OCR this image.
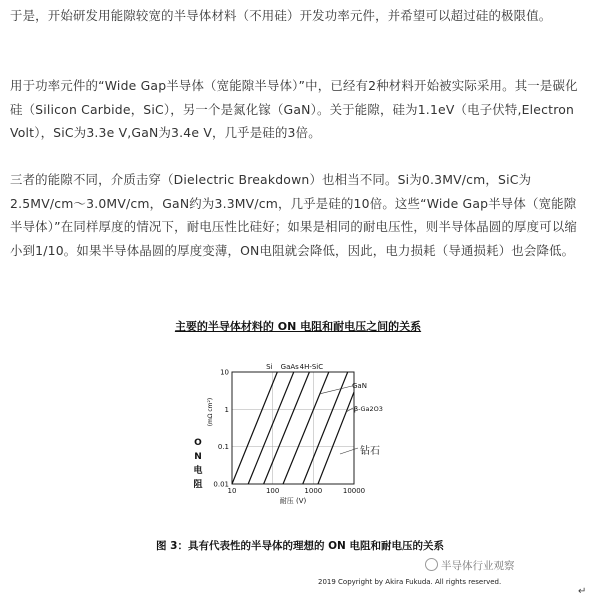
于是，开始研发用能隙较宽的半导体材料（不用硅）开发功率元件，并希望可以超过硅的极限值。

用于功率元件的“Wide Gap半导体（宽能隙半导体）”中，已经有2种材料开始被实际采用。其一是碳化硅（Silicon Carbide，SiC），另一个是氮化镓（GaN）。关于能隙，硅为1.1eV（电子伏特,Electron Volt），SiC为3.3e V,GaN为3.4e V，几乎是硅的3倍。

三者的能隙不同，介质击穿（Dielectric Breakdown）也相当不同。Si为0.3MV/cm，SiC为2.5MV/cm～3.0MV/cm，GaN约为3.3MV/cm，几乎是硅的10倍。这些“Wide Gap半导体（宽能隙半导体）”在同样厚度的情况下，耐电压性比硅好；如果是相同的耐电压性，则半导体晶圆的厚度可以缩小到1/10。如果半导体晶圆的厚度变薄，ON电阻就会降低，因此，电力损耗（导通损耗）也会降低。

主要的半导体材料的 ON 电阻和耐电压之间的关系
10	100	1000	10000
0.01
0.1
1
10
耐压 (V)
(mΩ cm²)
O
N
电
阻
Si GaAs 4H-SiC
GaN
β-Ga2O3
钻石
图 3：具有代表性的半导体的理想的 ON 电阻和耐电压的关系
半导体行业观察
2019 Copyright by Akira Fukuda. All rights reserved.
↵
